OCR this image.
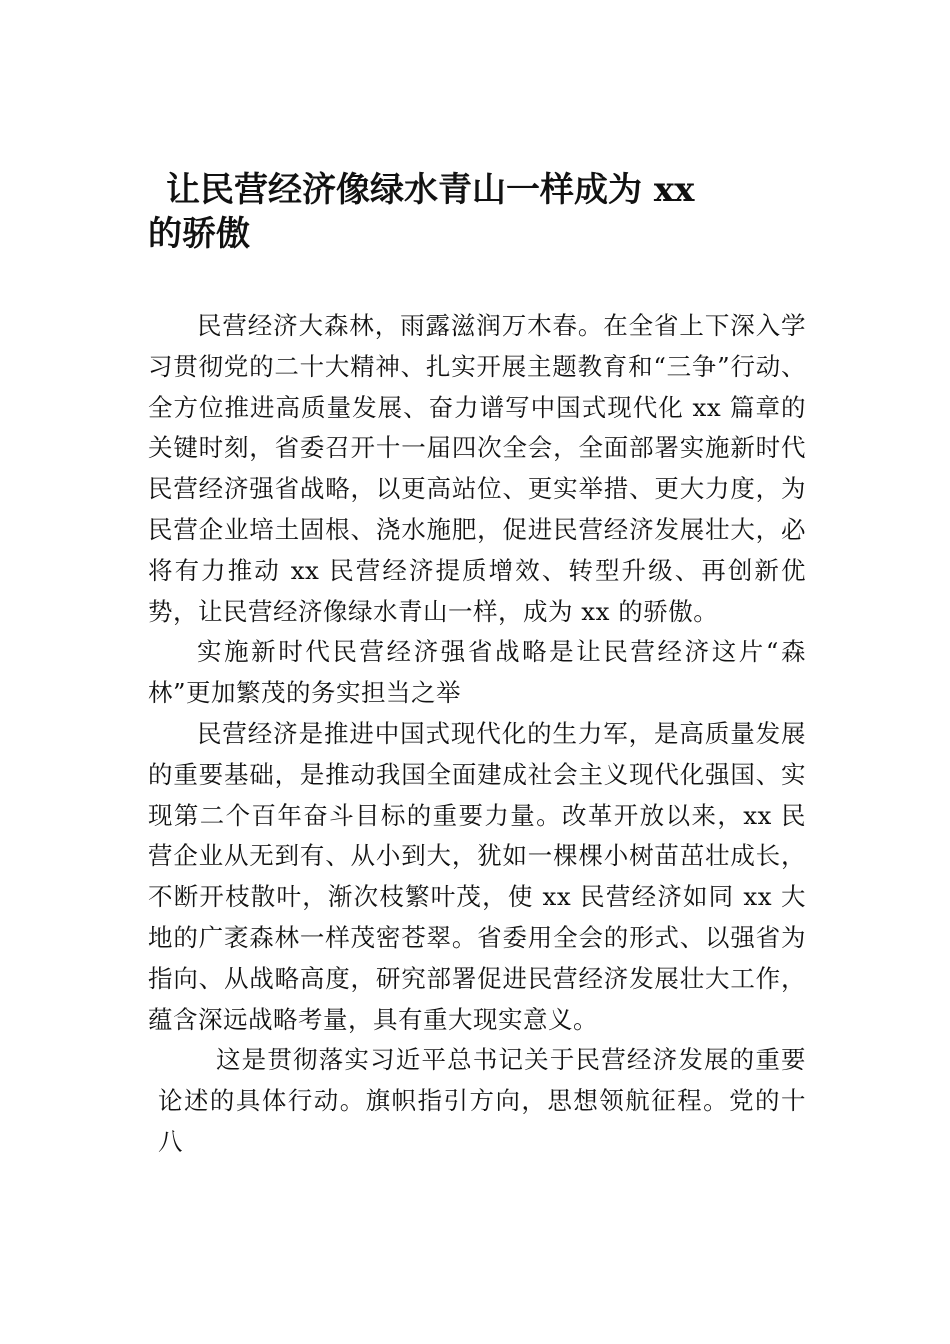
让民营经济像绿水青山一样成为 xx
的骄傲

民营经济大森林，雨露滋润万木春。在全省上下深入学习贯彻党的二十大精神、扎实开展主题教育和“三争”行动、全方位推进高质量发展、奋力谱写中国式现代化 xx 篇章的关键时刻，省委召开十一届四次全会，全面部署实施新时代民营经济强省战略，以更高站位、更实举措、更大力度，为民营企业培土固根、浇水施肥，促进民营经济发展壮大，必将有力推动 xx 民营经济提质增效、转型升级、再创新优势，让民营经济像绿水青山一样，成为 xx 的骄傲。

实施新时代民营经济强省战略是让民营经济这片“森林”更加繁茂的务实担当之举

民营经济是推进中国式现代化的生力军，是高质量发展的重要基础，是推动我国全面建成社会主义现代化强国、实现第二个百年奋斗目标的重要力量。改革开放以来，xx 民营企业从无到有、从小到大，犹如一棵棵小树苗茁壮成长，不断开枝散叶，渐次枝繁叶茂，使 xx 民营经济如同 xx 大地的广袤森林一样茂密苍翠。省委用全会的形式、以强省为指向、从战略高度，研究部署促进民营经济发展壮大工作，蕴含深远战略考量，具有重大现实意义。

这是贯彻落实习近平总书记关于民营经济发展的重要论述的具体行动。旗帜指引方向，思想领航征程。党的十八
